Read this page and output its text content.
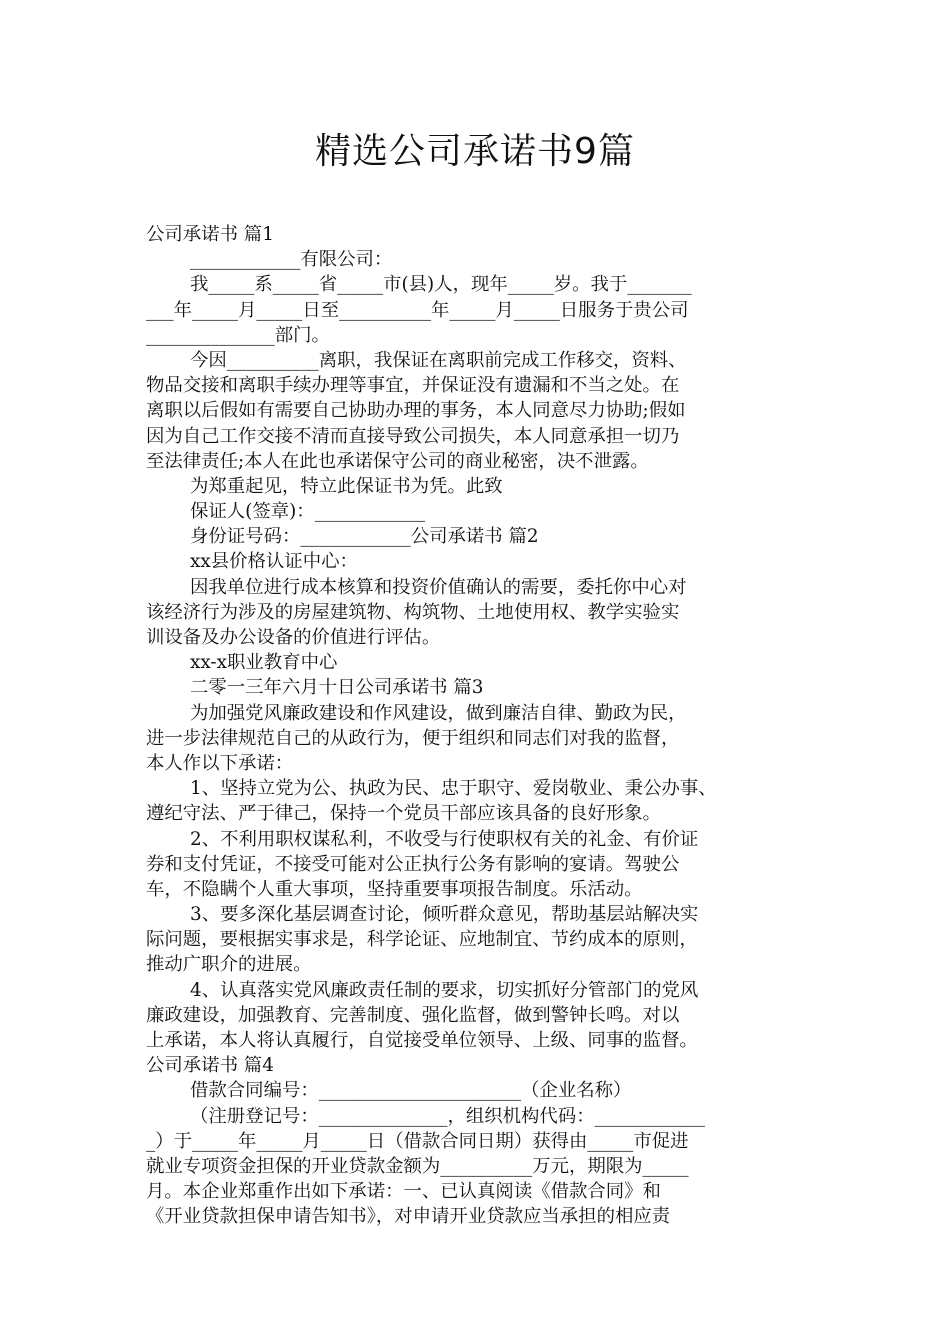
精选公司承诺书9篇
公司承诺书 篇1
____________有限公司：
我_____系_____省_____市(县)人，现年_____岁。我于_______
___年_____月_____日至__________年_____月_____日服务于贵公司
______________部门。
今因__________离职，我保证在离职前完成工作移交，资料、
物品交接和离职手续办理等事宜，并保证没有遗漏和不当之处。在
离职以后假如有需要自己协助办理的事务，本人同意尽力协助;假如
因为自己工作交接不清而直接导致公司损失，本人同意承担一切乃
至法律责任;本人在此也承诺保守公司的商业秘密，决不泄露。
为郑重起见，特立此保证书为凭。此致
保证人(签章)：____________
身份证号码：____________公司承诺书 篇2
xx县价格认证中心：
因我单位进行成本核算和投资价值确认的需要，委托你中心对
该经济行为涉及的房屋建筑物、构筑物、土地使用权、教学实验实
训设备及办公设备的价值进行评估。
xx-x职业教育中心
二零一三年六月十日公司承诺书 篇3
为加强党风廉政建设和作风建设，做到廉洁自律、勤政为民，
进一步法律规范自己的从政行为，便于组织和同志们对我的监督，
本人作以下承诺：
1、坚持立党为公、执政为民、忠于职守、爱岗敬业、秉公办事、
遵纪守法、严于律己，保持一个党员干部应该具备的良好形象。
2、不利用职权谋私利，不收受与行使职权有关的礼金、有价证
券和支付凭证，不接受可能对公正执行公务有影响的宴请。驾驶公
车，不隐瞒个人重大事项，坚持重要事项报告制度。乐活动。
3、要多深化基层调查讨论，倾听群众意见，帮助基层站解决实
际问题，要根据实事求是，科学论证、应地制宜、节约成本的原则，
推动广职介的进展。
4、认真落实党风廉政责任制的要求，切实抓好分管部门的党风
廉政建设，加强教育、完善制度、强化监督，做到警钟长鸣。对以
上承诺，本人将认真履行，自觉接受单位领导、上级、同事的监督。
公司承诺书 篇4
借款合同编号：______________________（企业名称）
（注册登记号：______________，组织机构代码：____________
_）于_____年_____月_____日（借款合同日期）获得由_____市促进
就业专项资金担保的开业贷款金额为__________万元，期限为_____
月。本企业郑重作出如下承诺：一、已认真阅读《借款合同》和
《开业贷款担保申请告知书》，对申请开业贷款应当承担的相应责
